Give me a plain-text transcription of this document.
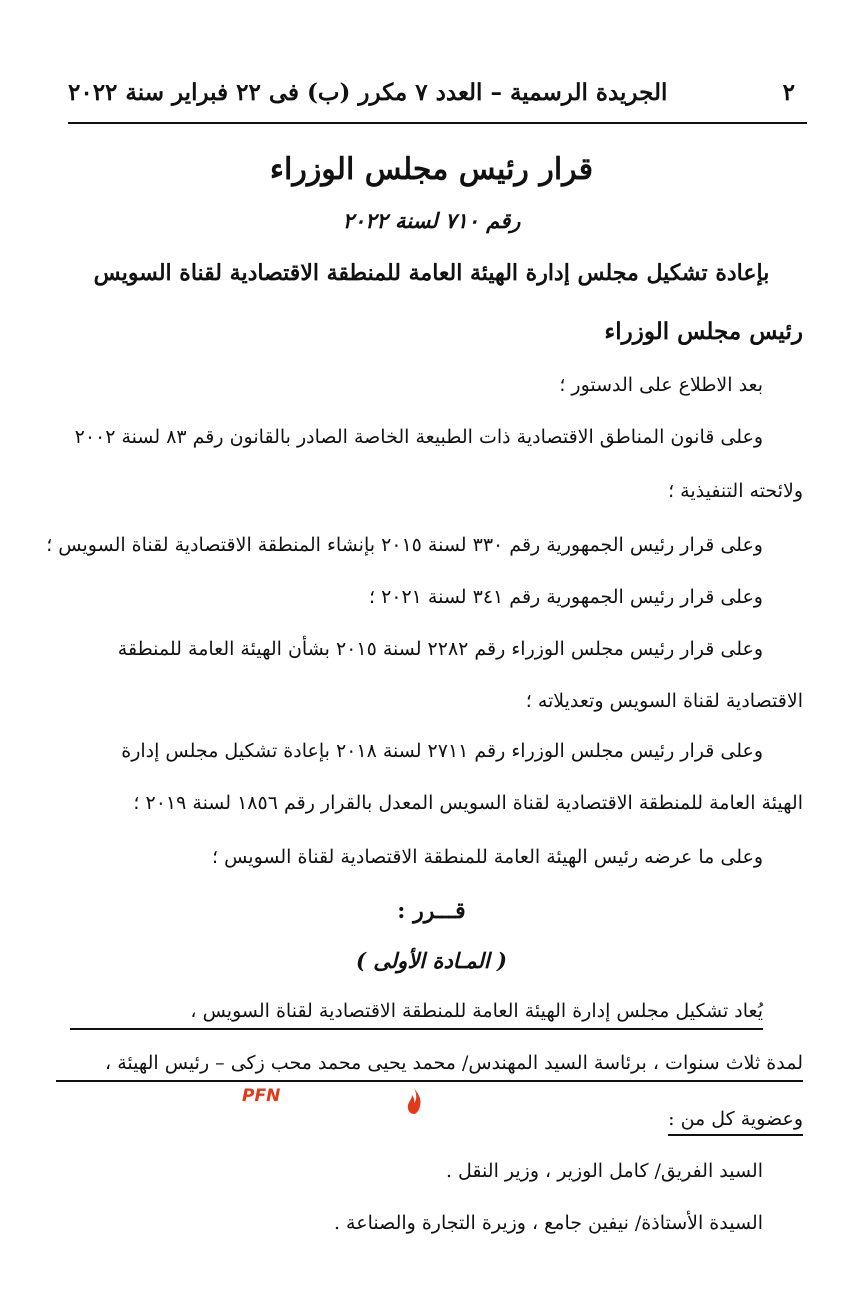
٢
الجريدة الرسمية – العدد ٧ مكرر (ب) فى ٢٢ فبراير سنة ٢٠٢٢
قرار رئيس مجلس الوزراء
رقم ٧١٠ لسنة ٢٠٢٢
بإعادة تشكيل مجلس إدارة الهيئة العامة للمنطقة الاقتصادية لقناة السويس
رئيس مجلس الوزراء
بعد الاطلاع على الدستور ؛
وعلى قانون المناطق الاقتصادية ذات الطبيعة الخاصة الصادر بالقانون رقم ٨٣ لسنة ٢٠٠٢
ولائحته التنفيذية ؛
وعلى قرار رئيس الجمهورية رقم ٣٣٠ لسنة ٢٠١٥ بإنشاء المنطقة الاقتصادية لقناة السويس ؛
وعلى قرار رئيس الجمهورية رقم ٣٤١ لسنة ٢٠٢١ ؛
وعلى قرار رئيس مجلس الوزراء رقم ٢٢٨٢ لسنة ٢٠١٥ بشأن الهيئة العامة للمنطقة
الاقتصادية لقناة السويس وتعديلاته ؛
وعلى قرار رئيس مجلس الوزراء رقم ٢٧١١ لسنة ٢٠١٨ بإعادة تشكيل مجلس إدارة
الهيئة العامة للمنطقة الاقتصادية لقناة السويس المعدل بالقرار رقم ١٨٥٦ لسنة ٢٠١٩ ؛
وعلى ما عرضه رئيس الهيئة العامة للمنطقة الاقتصادية لقناة السويس ؛
قـــرر :
( المـادة الأولى )
يُعاد تشكيل مجلس إدارة الهيئة العامة للمنطقة الاقتصادية لقناة السويس ،
لمدة ثلاث سنوات ، برئاسة السيد المهندس/ محمد يحيى محمد محب زكى – رئيس الهيئة ،
PFN
وعضوية كل من :
السيد الفريق/ كامل الوزير ، وزير النقل .
السيدة الأستاذة/ نيفين جامع ، وزيرة التجارة والصناعة .
